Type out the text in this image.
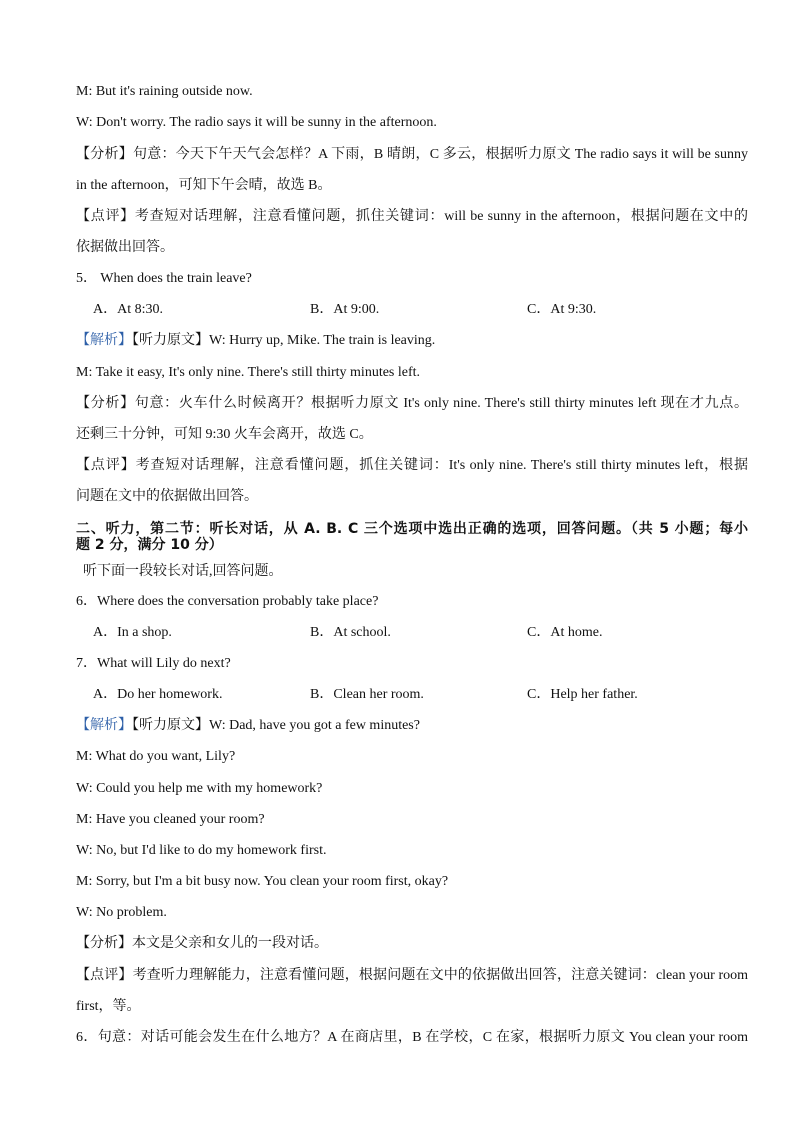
M: But it's raining outside now.
W: Don't worry. The radio says it will be sunny in the afternoon.
【分析】句意：今天下午天气会怎样？A 下雨，B 晴朗，C 多云，根据听力原文 The radio says it will be sunny
in the afternoon，可知下午会晴，故选 B。
【点评】考查短对话理解，注意看懂问题，抓住关键词：will be sunny in the afternoon，根据问题在文中的
依据做出回答。
5． When does the train leave?
A．At 8:30.	B．At 9:00.	C．At 9:30.
【解析】【听力原文】W: Hurry up, Mike. The train is leaving.
M: Take it easy, It's only nine. There's still thirty minutes left.
【分析】句意：火车什么时候离开？根据听力原文 It's only nine. There's still thirty minutes left 现在才九点。
还剩三十分钟，可知 9:30 火车会离开，故选 C。
【点评】考查短对话理解，注意看懂问题，抓住关键词：It's only nine. There's still thirty minutes left，根据
问题在文中的依据做出回答。
二、听力，第二节：听长对话，从 A. B. C 三个选项中选出正确的选项，回答问题。（共 5 小题；每小
题 2 分，满分 10 分）
听下面一段较长对话,回答问题。
6．Where does the conversation probably take place?
A．In a shop.	B．At school.	C．At home.
7．What will Lily do next?
A．Do her homework.	B．Clean her room.	C．Help her father.
【解析】【听力原文】W: Dad, have you got a few minutes?
M: What do you want, Lily?
W: Could you help me with my homework?
M: Have you cleaned your room?
W: No, but I'd like to do my homework first.
M: Sorry, but I'm a bit busy now. You clean your room first, okay?
W: No problem.
【分析】本文是父亲和女儿的一段对话。
【点评】考查听力理解能力，注意看懂问题，根据问题在文中的依据做出回答，注意关键词：clean your room
first，等。
6．句意：对话可能会发生在什么地方？A 在商店里，B 在学校，C 在家，根据听力原文 You clean your room
